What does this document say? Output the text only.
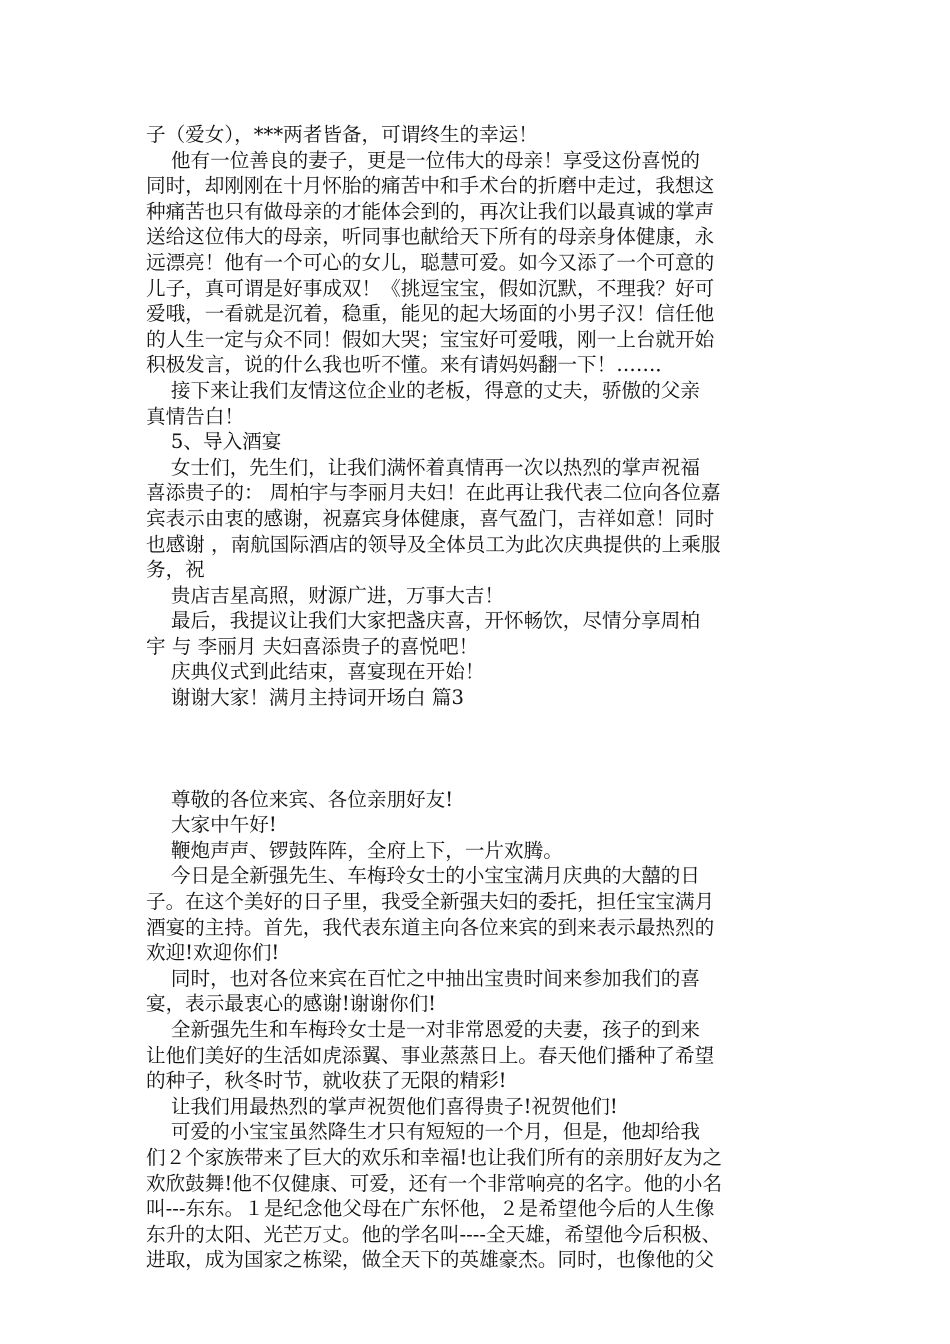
子（爱女），***两者皆备，可谓终生的幸运！
他有一位善良的妻子，更是一位伟大的母亲！享受这份喜悦的
同时，却刚刚在十月怀胎的痛苦中和手术台的折磨中走过，我想这
种痛苦也只有做母亲的才能体会到的，再次让我们以最真诚的掌声
送给这位伟大的母亲，听同事也献给天下所有的母亲身体健康，永
远漂亮！他有一个可心的女儿，聪慧可爱。如今又添了一个可意的
儿子，真可谓是好事成双！《挑逗宝宝，假如沉默，不理我？好可
爱哦，一看就是沉着，稳重，能见的起大场面的小男子汉！信任他
的人生一定与众不同！假如大哭；宝宝好可爱哦，刚一上台就开始
积极发言，说的什么我也听不懂。来有请妈妈翻一下！……．
接下来让我们友情这位企业的老板，得意的丈夫，骄傲的父亲
真情告白！
5、导入酒宴
女士们，先生们，让我们满怀着真情再一次以热烈的掌声祝福
喜添贵子的： 周柏宇与李丽月夫妇！在此再让我代表二位向各位嘉
宾表示由衷的感谢，祝嘉宾身体健康，喜气盈门，吉祥如意！同时
也感谢 ，南航国际酒店的领导及全体员工为此次庆典提供的上乘服
务，祝
贵店吉星高照，财源广进，万事大吉！
最后，我提议让我们大家把盏庆喜，开怀畅饮，尽情分享周柏
宇 与 李丽月 夫妇喜添贵子的喜悦吧！
庆典仪式到此结束，喜宴现在开始！
谢谢大家！满月主持词开场白 篇3
尊敬的各位来宾、各位亲朋好友!
大家中午好!
鞭炮声声、锣鼓阵阵，全府上下，一片欢腾。
今日是全新强先生、车梅玲女士的小宝宝满月庆典的大囍的日
子。在这个美好的日子里，我受全新强夫妇的委托，担任宝宝满月
酒宴的主持。首先，我代表东道主向各位来宾的到来表示最热烈的
欢迎!欢迎你们!
同时，也对各位来宾在百忙之中抽出宝贵时间来参加我们的喜
宴，表示最衷心的感谢!谢谢你们!
全新强先生和车梅玲女士是一对非常恩爱的夫妻，孩子的到来
让他们美好的生活如虎添翼、事业蒸蒸日上。春天他们播种了希望
的种子，秋冬时节，就收获了无限的精彩!
让我们用最热烈的掌声祝贺他们喜得贵子!祝贺他们!
可爱的小宝宝虽然降生才只有短短的一个月，但是，他却给我
们２个家族带来了巨大的欢乐和幸福!也让我们所有的亲朋好友为之
欢欣鼓舞!他不仅健康、可爱，还有一个非常响亮的名字。他的小名
叫---东东。１是纪念他父母在广东怀他，２是希望他今后的人生像
东升的太阳、光芒万丈。他的学名叫----全天雄，希望他今后积极、
进取，成为国家之栋梁，做全天下的英雄豪杰。同时，也像他的父
